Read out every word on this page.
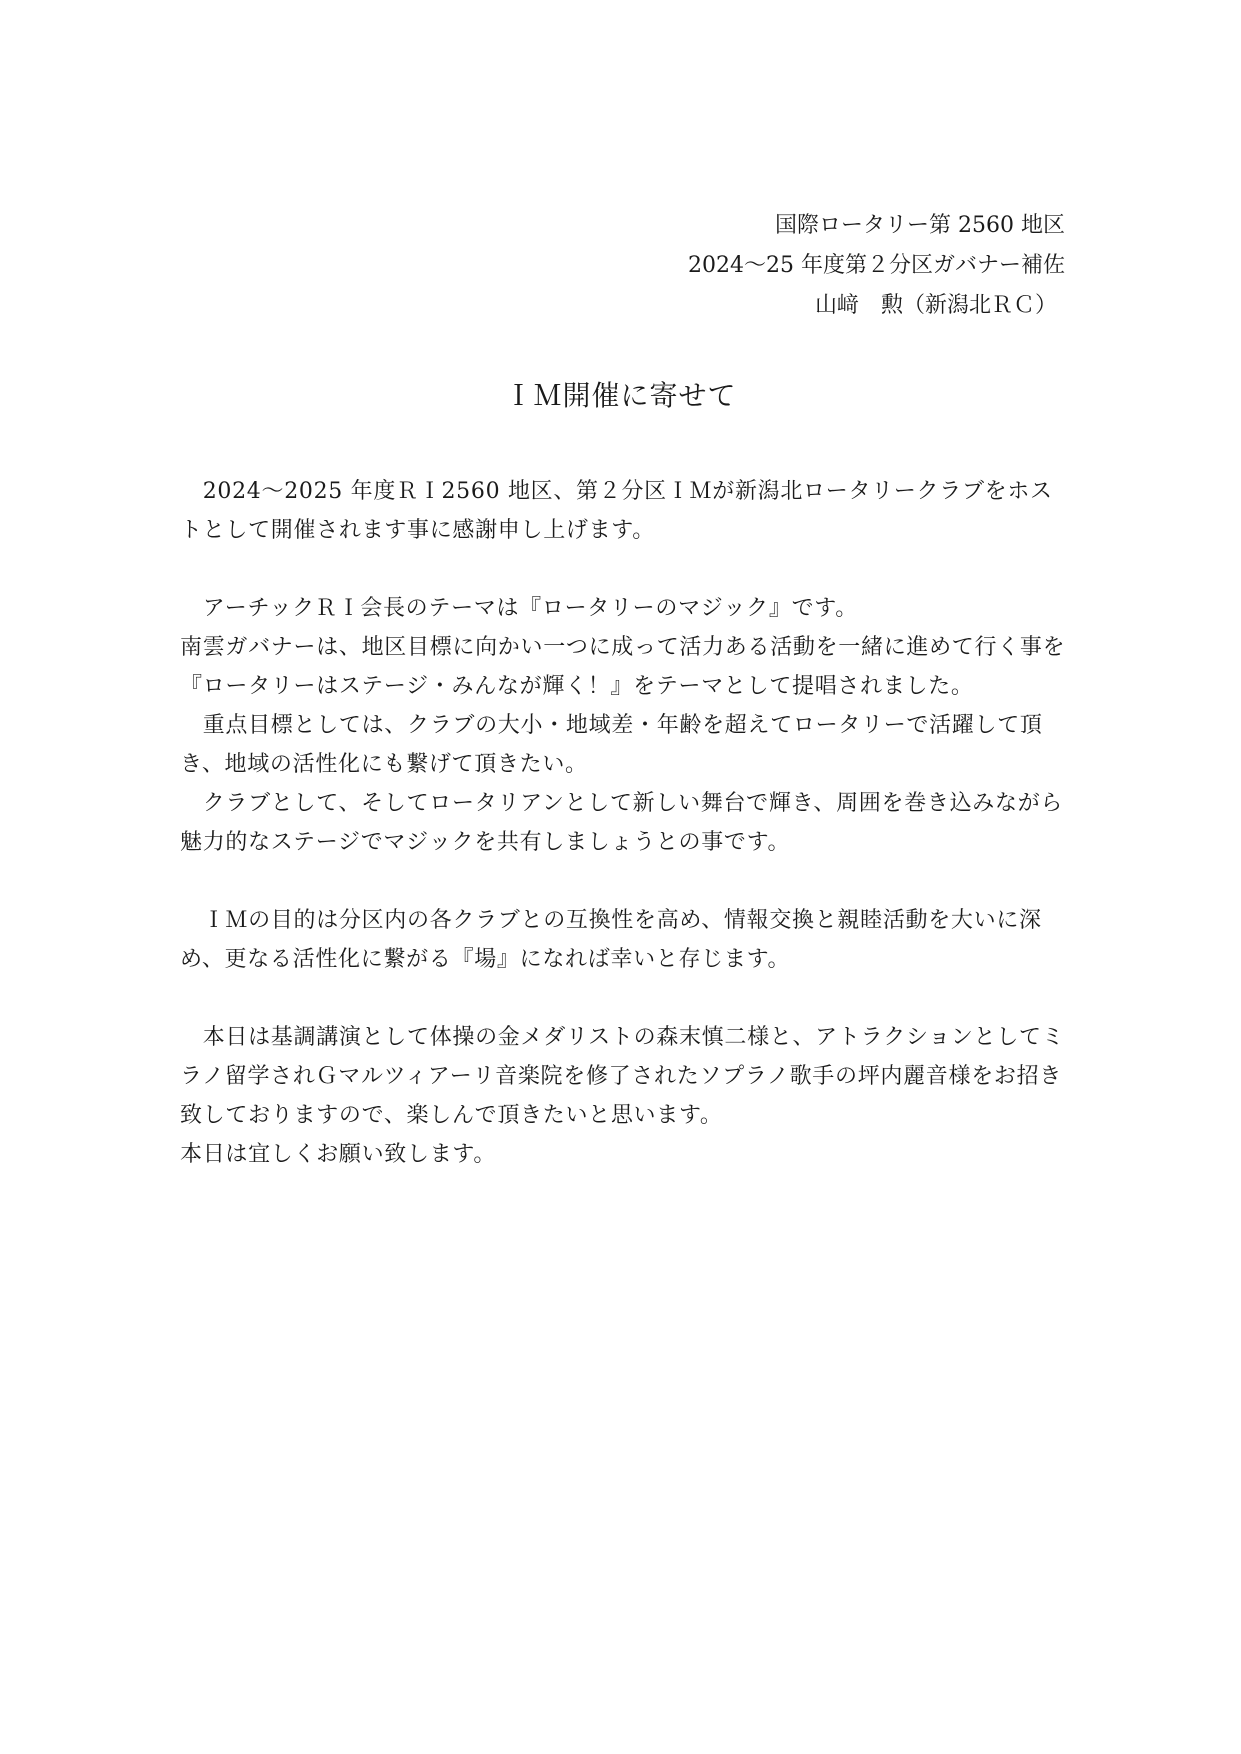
国際ロータリー第 2560 地区
2024～25 年度第２分区ガバナー補佐
山﨑　勲（新潟北ＲＣ）
ＩＭ開催に寄せて

2024～2025 年度ＲＩ2560 地区、第２分区ＩＭが新潟北ロータリークラブをホストとして開催されます事に感謝申し上げます。

アーチックＲＩ会長のテーマは『ロータリーのマジック』です。

南雲ガバナーは、地区目標に向かい一つに成って活力ある活動を一緒に進めて行く事を『ロータリーはステージ・みんなが輝く！』をテーマとして提唱されました。

重点目標としては、クラブの大小・地域差・年齢を超えてロータリーで活躍して頂き、地域の活性化にも繋げて頂きたい。

クラブとして、そしてロータリアンとして新しい舞台で輝き、周囲を巻き込みながら魅力的なステージでマジックを共有しましょうとの事です。

ＩＭの目的は分区内の各クラブとの互換性を高め、情報交換と親睦活動を大いに深め、更なる活性化に繋がる『場』になれば幸いと存じます。

本日は基調講演として体操の金メダリストの森末慎二様と、アトラクションとしてミラノ留学されＧマルツィアーリ音楽院を修了されたソプラノ歌手の坪内麗音様をお招き致しておりますので、楽しんで頂きたいと思います。

本日は宜しくお願い致します。
